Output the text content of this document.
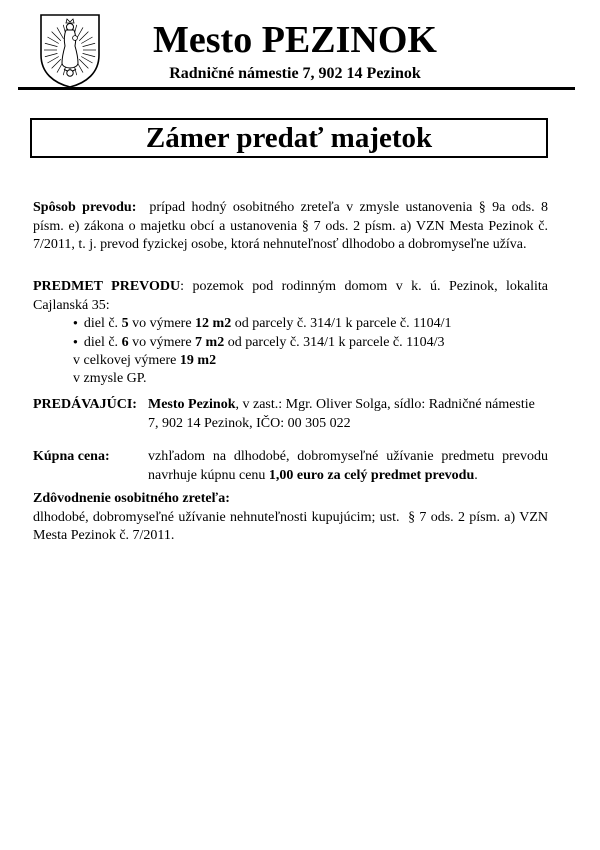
Mesto PEZINOK
Radničné námestie 7, 902 14 Pezinok
Zámer predať majetok

Spôsob prevodu: prípad hodný osobitného zreteľa v zmysle ustanovenia § 9a ods. 8 písm. e) zákona o majetku obcí a ustanovenia § 7 ods. 2 písm. a) VZN Mesta Pezinok č. 7/2011, t. j. prevod fyzickej osobe, ktorá nehnuteľnosť dlhodobo a dobromyseľne užíva.

PREDMET PREVODU: pozemok pod rodinným domom v k. ú. Pezinok, lokalita Cajlanská 35:

● diel č. 5 vo výmere 12 m2 od parcely č. 314/1 k parcele č. 1104/1
● diel č. 6 vo výmere 7 m2 od parcely č. 314/1 k parcele č. 1104/3
v celkovej výmere 19 m2
v zmysle GP.
PREDÁVAJÚCI: Mesto Pezinok, v zast.: Mgr. Oliver Solga, sídlo: Radničné námestie 7, 902 14 Pezinok, IČO: 00 305 022
Kúpna cena:	vzhľadom na dlhodobé, dobromyseľné užívanie predmetu prevodu navrhuje kúpnu cenu 1,00 euro za celý predmet prevodu.
Zdôvodnenie osobitného zreteľa:
dlhodobé, dobromyseľné užívanie nehnuteľnosti kupujúcim; ust.  § 7 ods. 2 písm. a) VZN Mesta Pezinok č. 7/2011.
